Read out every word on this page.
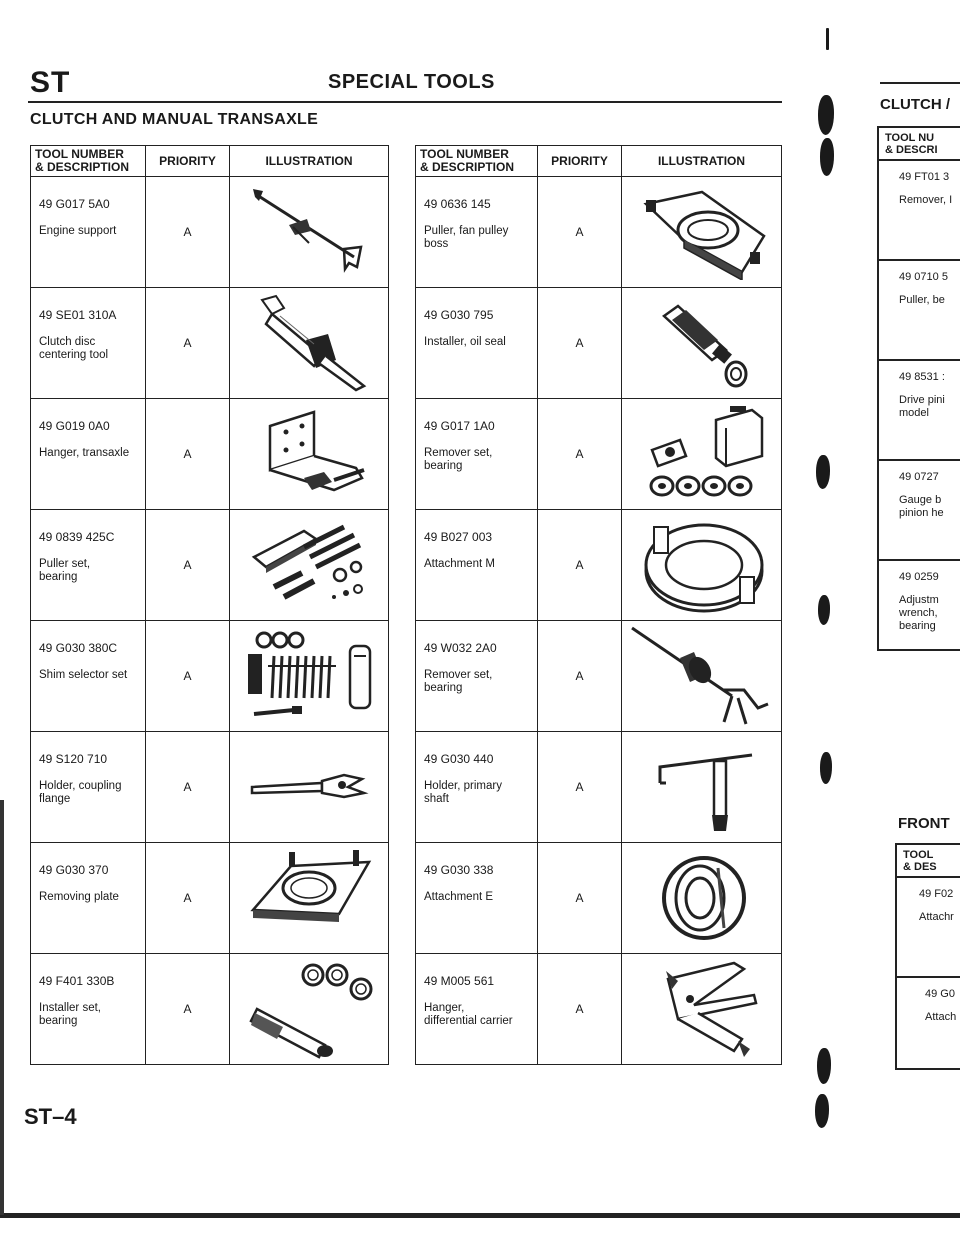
ST	SPECIAL TOOLS
CLUTCH AND MANUAL TRANSAXLE
TOOL NUMBER
& DESCRIPTION	PRIORITY	ILLUSTRATION

49 G017 5A0
Engine support	A	

49 SE01 310A
Clutch disc
centering tool	A	

49 G019 0A0
Hanger, transaxle	A	

49 0839 425C
Puller set,
bearing	A	

49 G030 380C
Shim selector set	A	

49 S120 710
Holder, coupling
flange	A	

49 G030 370
Removing plate	A	

49 F401 330B
Installer set,
bearing	A	
TOOL NUMBER
& DESCRIPTION	PRIORITY	ILLUSTRATION

49 0636 145
Puller, fan pulley
boss	A	

49 G030 795
Installer, oil seal	A	

49 G017 1A0
Remover set,
bearing	A	

49 B027 003
Attachment M	A	

49 W032 2A0
Remover set,
bearing	A	

49 G030 440
Holder, primary
shaft	A	

49 G030 338
Attachment E	A	

49 M005 561
Hanger,
differential carrier	A	
ST–4
CLUTCH /
TOOL NU
& DESCRI
49 FT01 3
Remover, I
49 0710 5
Puller, be
49 8531 :
Drive pini
model
49 0727
Gauge b
pinion he
49 0259
Adjustm
wrench,
bearing
FRONT
TOOL
& DES
49 F02
Attachr
49 G0
Attach
